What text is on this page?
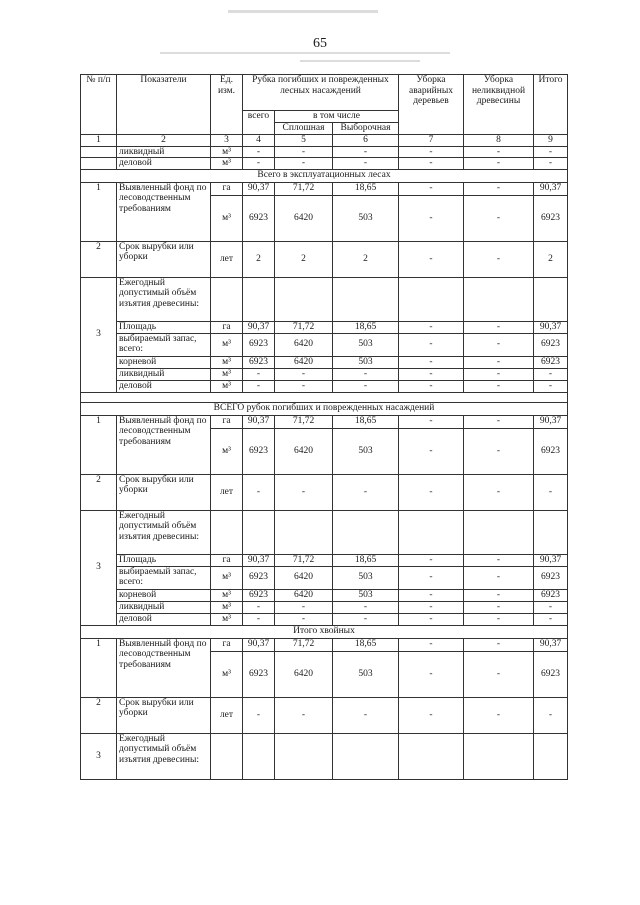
65
№ п/п	Показатели	Ед. изм.	Рубка погибших и поврежденных лесных насаждений			Уборка аварийных деревьев	Уборка неликвидной древесины	Итого
			всего	в том числе				
				Сплошная	Выборочная			
1	2	3	4	5	6	7	8	9
	ликвидный	м³	-	-	-	-	-	-
	деловой	м³	-	-	-	-	-	-
Всего в эксплуатационных лесах								
1	Выявленный фонд по лесоводственным требованиям	га	90,37	71,72	18,65	-	-	90,37
		м³	6923	6420	503	-	-	6923
2	Срок вырубки или уборки	лет	2	2	2	-	-	2
3	Ежегодный допустимый объём изъятия древесины:							
	Площадь	га	90,37	71,72	18,65	-	-	90,37
	выбираемый запас, всего:	м³	6923	6420	503	-	-	6923
	корневой	м³	6923	6420	503	-	-	6923
	ликвидный	м³	-	-	-	-	-	-
	деловой	м³	-	-	-	-	-	-

ВСЕГО рубок погибших и поврежденных насаждений								
1	Выявленный фонд по лесоводственным требованиям	га	90,37	71,72	18,65	-	-	90,37
		м³	6923	6420	503	-	-	6923
2	Срок вырубки или уборки	лет	-	-	-	-	-	-
3	Ежегодный допустимый объём изъятия древесины:							
	Площадь	га	90,37	71,72	18,65	-	-	90,37
	выбираемый запас, всего:	м³	6923	6420	503	-	-	6923
	корневой	м³	6923	6420	503	-	-	6923
	ликвидный	м³	-	-	-	-	-	-
	деловой	м³	-	-	-	-	-	-
Итого хвойных								
1	Выявленный фонд по лесоводственным требованиям	га	90,37	71,72	18,65	-	-	90,37
		м³	6923	6420	503	-	-	6923
2	Срок вырубки или уборки	лет	-	-	-	-	-	-
3	Ежегодный допустимый объём изъятия древесины:							
